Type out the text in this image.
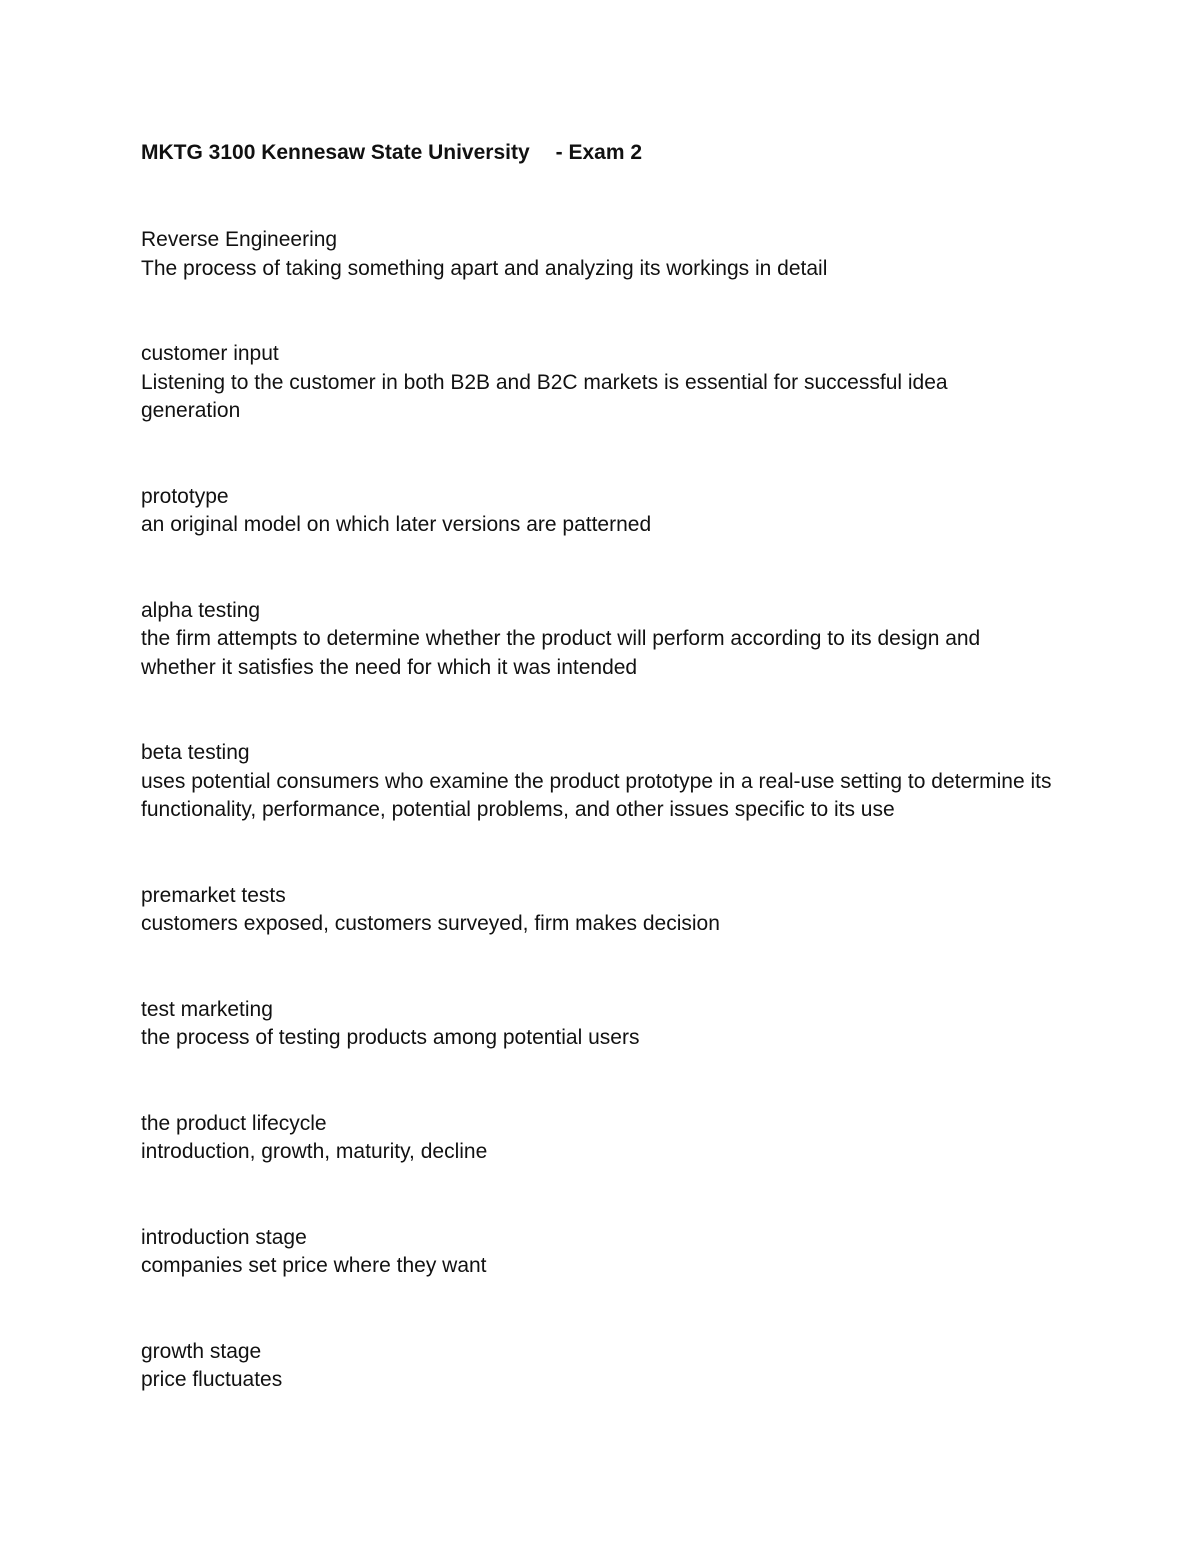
MKTG 3100 Kennesaw State University - Exam 2
Reverse Engineering
The process of taking something apart and analyzing its workings in detail
customer input
Listening to the customer in both B2B and B2C markets is essential for successful idea generation
prototype
an original model on which later versions are patterned
alpha testing
the firm attempts to determine whether the product will perform according to its design and whether it satisfies the need for which it was intended
beta testing
uses potential consumers who examine the product prototype in a real-use setting to determine its functionality, performance, potential problems, and other issues specific to its use
premarket tests
customers exposed, customers surveyed, firm makes decision
test marketing
the process of testing products among potential users
the product lifecycle
introduction, growth, maturity, decline
introduction stage
companies set price where they want
growth stage
price fluctuates
